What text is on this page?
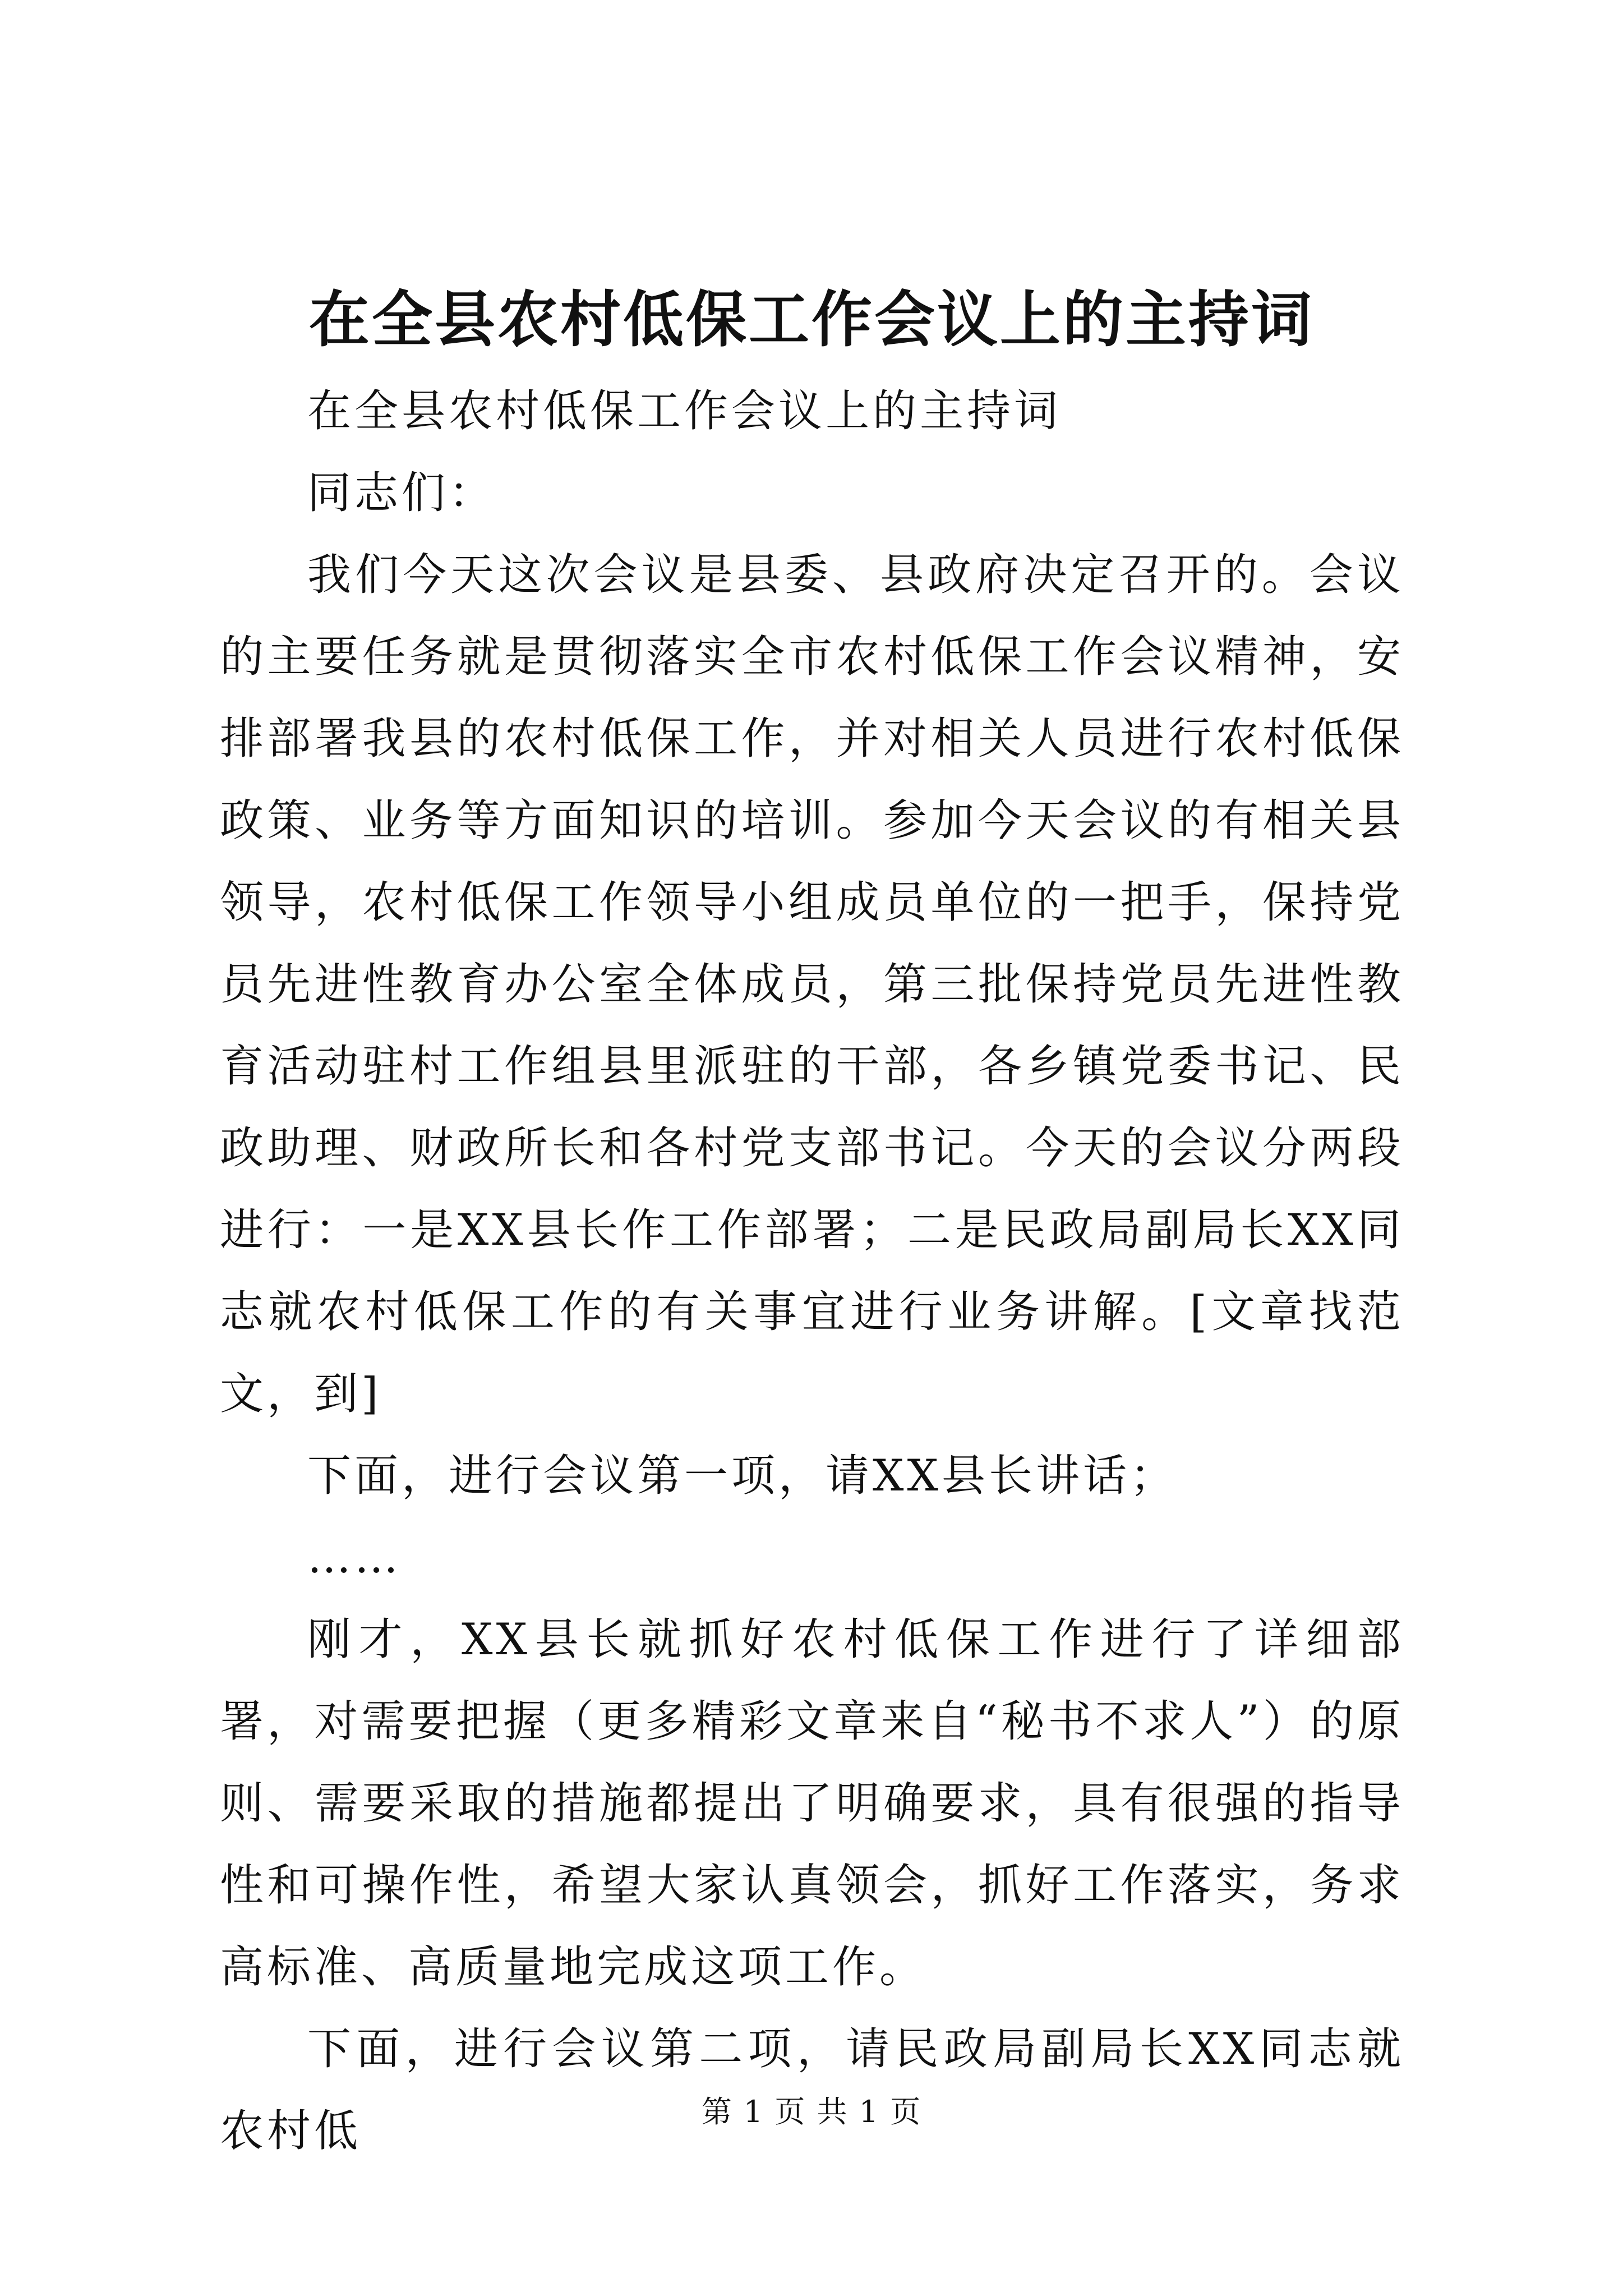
在全县农村低保工作会议上的主持词

在全县农村低保工作会议上的主持词

同志们：

我们今天这次会议是县委、县政府决定召开的。会议的主要任务就是贯彻落实全市农村低保工作会议精神，安排部署我县的农村低保工作，并对相关人员进行农村低保政策、业务等方面知识的培训。参加今天会议的有相关县领导，农村低保工作领导小组成员单位的一把手，保持党员先进性教育办公室全体成员，第三批保持党员先进性教育活动驻村工作组县里派驻的干部，各乡镇党委书记、民政助理、财政所长和各村党支部书记。今天的会议分两段进行：一是XX县长作工作部署；二是民政局副局长XX同志就农村低保工作的有关事宜进行业务讲解。[文章找范文，到]

下面，进行会议第一项，请XX县长讲话；

……

刚才，XX县长就抓好农村低保工作进行了详细部署，对需要把握（更多精彩文章来自“秘书不求人”）的原则、需要采取的措施都提出了明确要求，具有很强的指导性和可操作性，希望大家认真领会，抓好工作落实，务求高标准、高质量地完成这项工作。

下面，进行会议第二项，请民政局副局长XX同志就农村低	第 1 页 共 1 页
